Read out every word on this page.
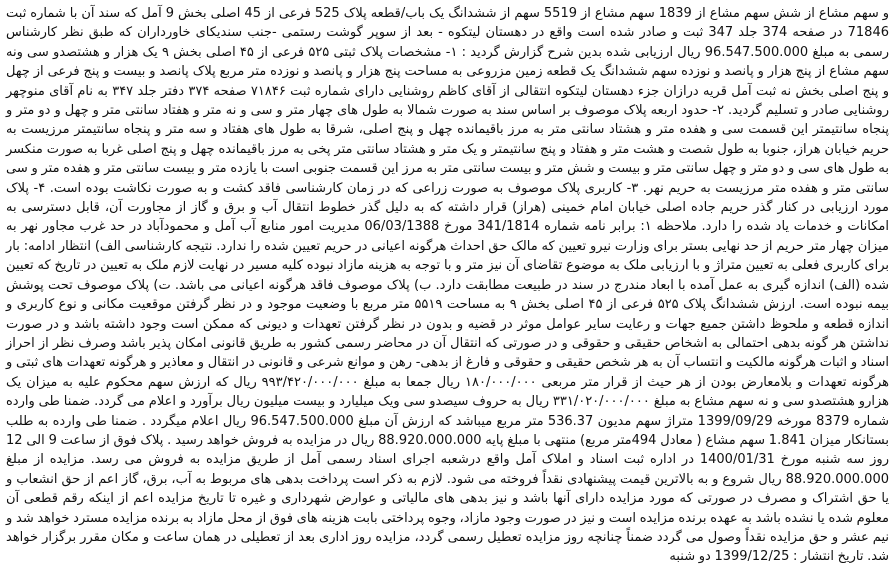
و سهم مشاع از شش سهم مشاع از 1839 سهم مشاع از 5519 سهم از ششدانگ یک باب/قطعه پلاک 525 فرعی از 45 اصلی بخش 9 آمل که سند آن با شماره ثبت 71846 در صفحه 374 جلد 347 ثبت و صادر شده است واقع در دهستان لیتکوه - بعد از سوپر گوشت رستمی -جنب سندیکای خاورداران که طبق نظر کارشناس رسمی به مبلغ 96.547.500.000 ریال ارزیابی شده بدین شرح گزارش گردید : ۱- مشخصات پلاک ثبتی ۵۲۵ فرعی از ۴۵ اصلی بخش ۹ یک هزار و هشتصدو سی ونه سهم مشاع از پنج هزار و پانصد و نوزده سهم ششدانگ یک قطعه زمین مزروعی به مساحت پنج هزار و پانصد و نوزده متر مربع پلاک پانصد و بیست و پنج فرعی از چهل و پنج اصلی بخش نه ثبت آمل قریه درازان جزء دهستان لیتکوه انتقالی از آقای کاظم روشنایی دارای شماره ثبت ۷۱۸۴۶ صفحه ۳۷۴ دفتر جلد ۳۴۷ به نام آقای منوچهر روشنایی صادر و تسلیم گردید. ۲- حدود اربعه پلاک موصوف بر اساس سند به صورت شمالا به طول های چهار متر و سی و نه متر و هفتاد سانتی متر و چهل و دو متر و پنجاه سانتیمتر این قسمت سی و هفده متر و هشتاد سانتی متر به مرز باقیمانده چهل و پنج اصلی، شرقا به طول های هفتاد و سه متر و پنجاه سانتیمتر مرزیست به حریم خیابان هراز، جنوبا به طول شصت و هشت متر و هفتاد و پنج سانتیمتر و یک متر و هشتاد سانتی متر پخی به مرز باقیمانده چهل و پنج اصلی غربا به صورت منکسر به طول های سی و دو متر و چهل سانتی متر و بیست و شش متر و بیست سانتی متر به مرز این قسمت جنوبی است با یازده متر و بیست سانتی متر و هفده متر و سی سانتی متر و هفده متر مرزیست به حریم نهر. ۳- کاربری پلاک موصوف به صورت زراعی که در زمان کارشناسی فاقد کشت و به صورت نکاشت بوده است. ۴- پلاک مورد ارزیابی در کنار گذر حریم جاده اصلی خیابان امام خمینی (هراز) قرار داشته که به دلیل گذر خطوط انتقال آب و برق و گاز از مجاورت آن، قابل دسترسی به امکانات و خدمات یاد شده را دارد. ملاحظه ۱: برابر نامه شماره 341/1814 مورخ 06/03/1388 مدیریت امور منابع آب آمل و محمودآباد در حد غرب مجاور نهر به میزان چهار متر حریم از حد نهایی بستر برای وزارت نیرو تعیین که مالک حق احداث هرگونه اعیانی در حریم تعیین شده را ندارد. نتیجه کارشناسی الف) انتظار ادامه: بار برای کاربری فعلی به تعیین متراژ و با ارزیابی ملک به موضوع تقاضای آن نیز متر و با توجه به هزینه مازاد نبوده کلیه مسیر در نهایت لازم ملک به تعیین در تاریخ که تعیین شده (الف) اندازه گیری به عمل آمده با ابعاد مندرج در سند در طبیعت مطابقت دارد. ب) پلاک موصوف فاقد هرگونه اعیانی می باشد. ت) پلاک موصوف تحت پوشش بیمه نبوده است. ارزش ششدانگ پلاک ۵۲۵ فرعی از ۴۵ اصلی بخش ۹ به مساحت ۵۵۱۹ متر مربع با وضعیت موجود و در نظر گرفتن موقعیت مکانی و نوع کاربری و اندازه قطعه و ملحوظ داشتن جمیع جهات و رعایت سایر عوامل موثر در قضیه و بدون در نظر گرفتن تعهدات و دیونی که ممکن است وجود داشته باشد و در صورت نداشتن هر گونه بدهی احتمالی به اشخاص حقیقی و حقوقی و در صورتی که انتقال آن در محاضر رسمی کشور به طریق قانونی امکان پذیر باشد وصرف نظر از احراز اسناد و اثبات هرگونه مالکیت و انتساب آن به هر شخص حقیقی و حقوقی و فارغ از بدهی- رهن و موانع شرعی و قانونی در انتقال و معاذیر و هرگونه تعهدات های ثبتی و هرگونه تعهدات و بلامعارض بودن از هر حیث از قرار متر مربعی ۱۸۰/۰۰۰/۰۰۰ ریال جمعا به مبلغ ۹۹۳/۴۲۰/۰۰۰/۰۰۰ ریال که ارزش سهم محکوم علیه به میزان یک هزارو هشتصدو سی و نه سهم مشاع به مبلغ ۳۳۱/۰۲۰/۰۰۰/۰۰۰ ریال به حروف سیصدو سی ویک میلیارد و بیست میلیون ریال برآورد و اعلام می گردد. ضمنا طی وارده شماره 8379 مورخه 1399/09/29 متراژ سهم مدیون 536.37 متر مربع میباشد که ارزش آن مبلغ 96.547.500.000 ریال اعلام میگردد . ضمنا طی وارده به طلب بستانکار میزان 1.841 سهم مشاع ( معادل 494متر مربع) منتهی با مبلغ پایه 88.920.000.000 ریال در مزایده به فروش خواهد رسید . پلاک فوق از ساعت 9 الی 12 روز سه شنبه مورخ 1400/01/31 در اداره ثبت اسناد و املاک آمل واقع درشعبه اجرای اسناد رسمی آمل از طریق مزایده به فروش می رسد. مزایده از مبلغ 88.920.000.000 ریال شروع و به بالاترین قیمت پیشنهادی نقداً فروخته می شود. لازم به ذکر است پرداخت بدهی های مربوط به آب، برق، گاز اعم از حق انشعاب و یا حق اشتراک و مصرف در صورتی که مورد مزایده دارای آنها باشد و نیز بدهی های مالیاتی و عوارض شهرداری و غیره تا تاریخ مزایده اعم از اینکه رقم قطعی آن معلوم شده یا نشده باشد به عهده برنده مزایده است و نیز در صورت وجود مازاد، وجوه پرداختی بابت هزینه های فوق از محل مازاد به برنده مزایده مسترد خواهد شد و نیم عشر و حق مزایده نقداً وصول می گردد ضمناً چنانچه روز مزایده تعطیل رسمی گردد، مزایده روز اداری بعد از تعطیلی در همان ساعت و مکان مقرر برگزار خواهد شد. تاریخ انتشار : 1399/12/25 دو شنبه
